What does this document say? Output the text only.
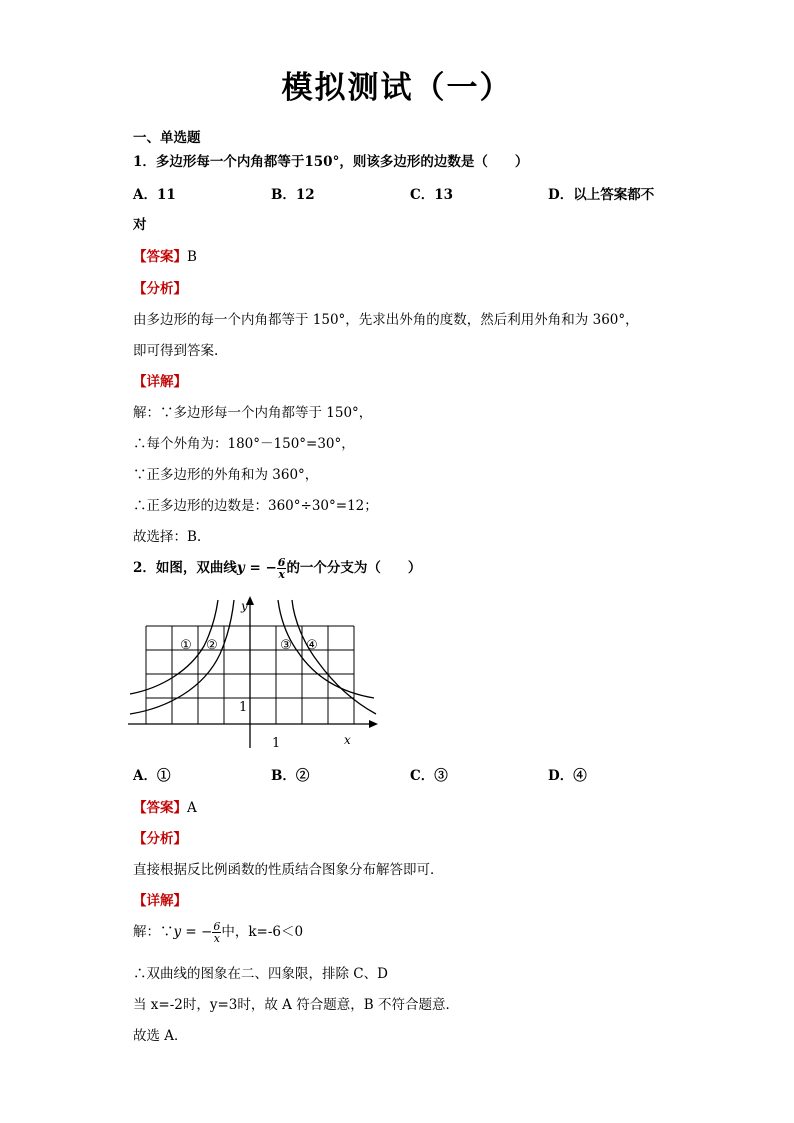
模拟测试（一）
一、单选题
1．多边形每一个内角都等于150°，则该多边形的边数是（　　）
A．11	B．12	C．13	D．以上答案都不
对
【答案】B
【分析】
由多边形的每一个内角都等于 150°，先求出外角的度数，然后利用外角和为 360°，
即可得到答案.
【详解】
解：∵多边形每一个内角都等于 150°，
∴每个外角为：180°－150°=30°，
∵正多边形的外角和为 360°，
∴正多边形的边数是：360°÷30°=12；
故选择：B.
2．如图，双曲线y = − $\frac{6}{x}$ 的一个分支为（　　）
① ②	③ ④
y
x
1
1
A．①	B．②	C．③	D．④
【答案】A
【分析】
直接根据反比例函数的性质结合图象分布解答即可．
【详解】
解：∵y = − $\frac{6}{x}$ 中，k=-6＜0
∴双曲线的图象在二、四象限，排除 C、D
当 x=-2时，y=3时，故 A 符合题意，B 不符合题意．
故选 A．
